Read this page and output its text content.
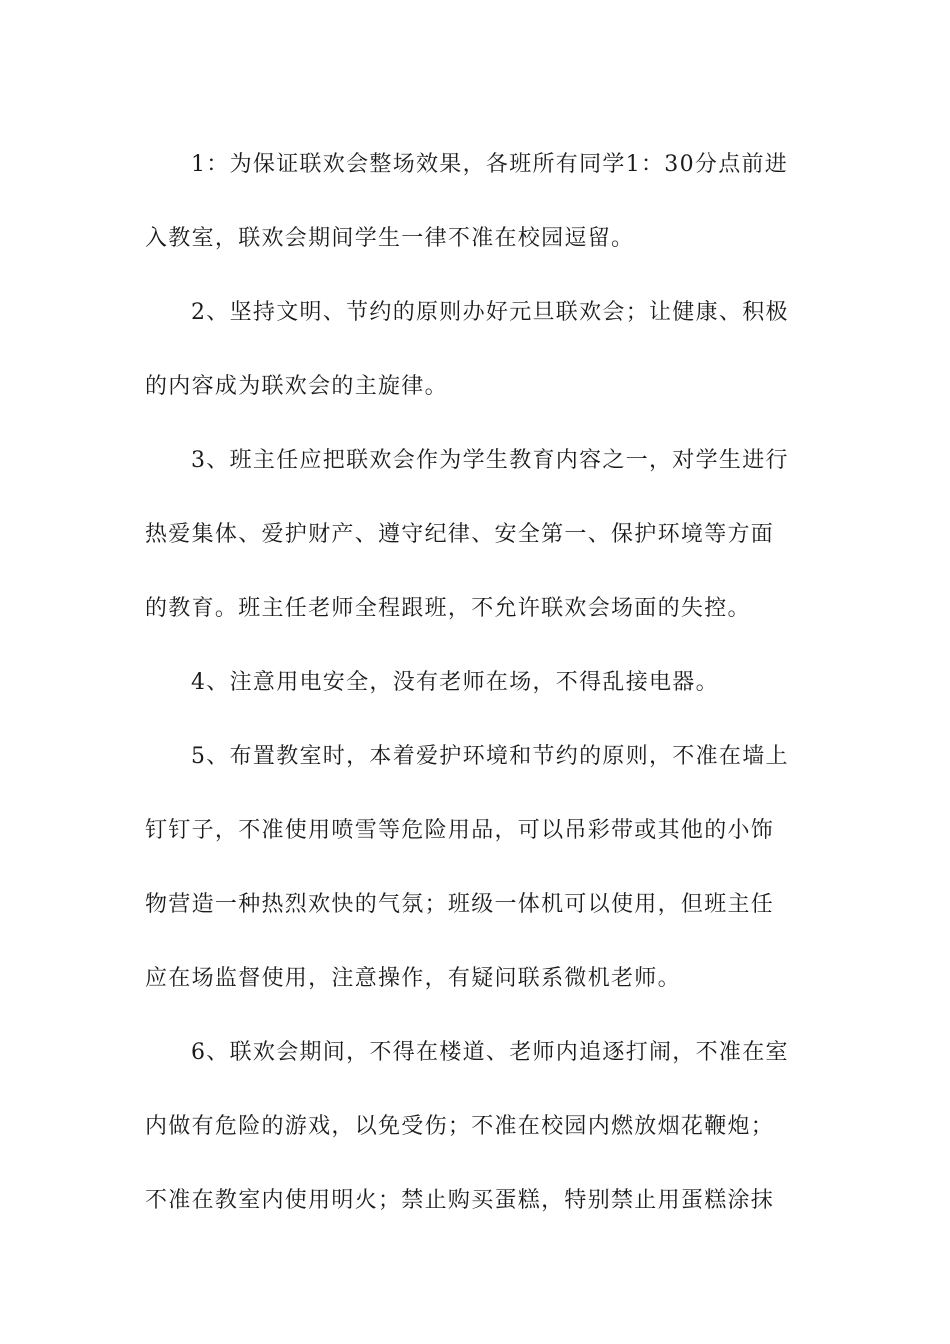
1：为保证联欢会整场效果，各班所有同学1：30分点前进
入教室，联欢会期间学生一律不准在校园逗留。
2、坚持文明、节约的原则办好元旦联欢会；让健康、积极
的内容成为联欢会的主旋律。
3、班主任应把联欢会作为学生教育内容之一，对学生进行
热爱集体、爱护财产、遵守纪律、安全第一、保护环境等方面
的教育。班主任老师全程跟班，不允许联欢会场面的失控。
4、注意用电安全，没有老师在场，不得乱接电器。
5、布置教室时，本着爱护环境和节约的原则，不准在墙上
钉钉子，不准使用喷雪等危险用品，可以吊彩带或其他的小饰
物营造一种热烈欢快的气氛；班级一体机可以使用，但班主任
应在场监督使用，注意操作，有疑问联系微机老师。
6、联欢会期间，不得在楼道、老师内追逐打闹，不准在室
内做有危险的游戏，以免受伤；不准在校园内燃放烟花鞭炮；
不准在教室内使用明火；禁止购买蛋糕，特别禁止用蛋糕涂抹
